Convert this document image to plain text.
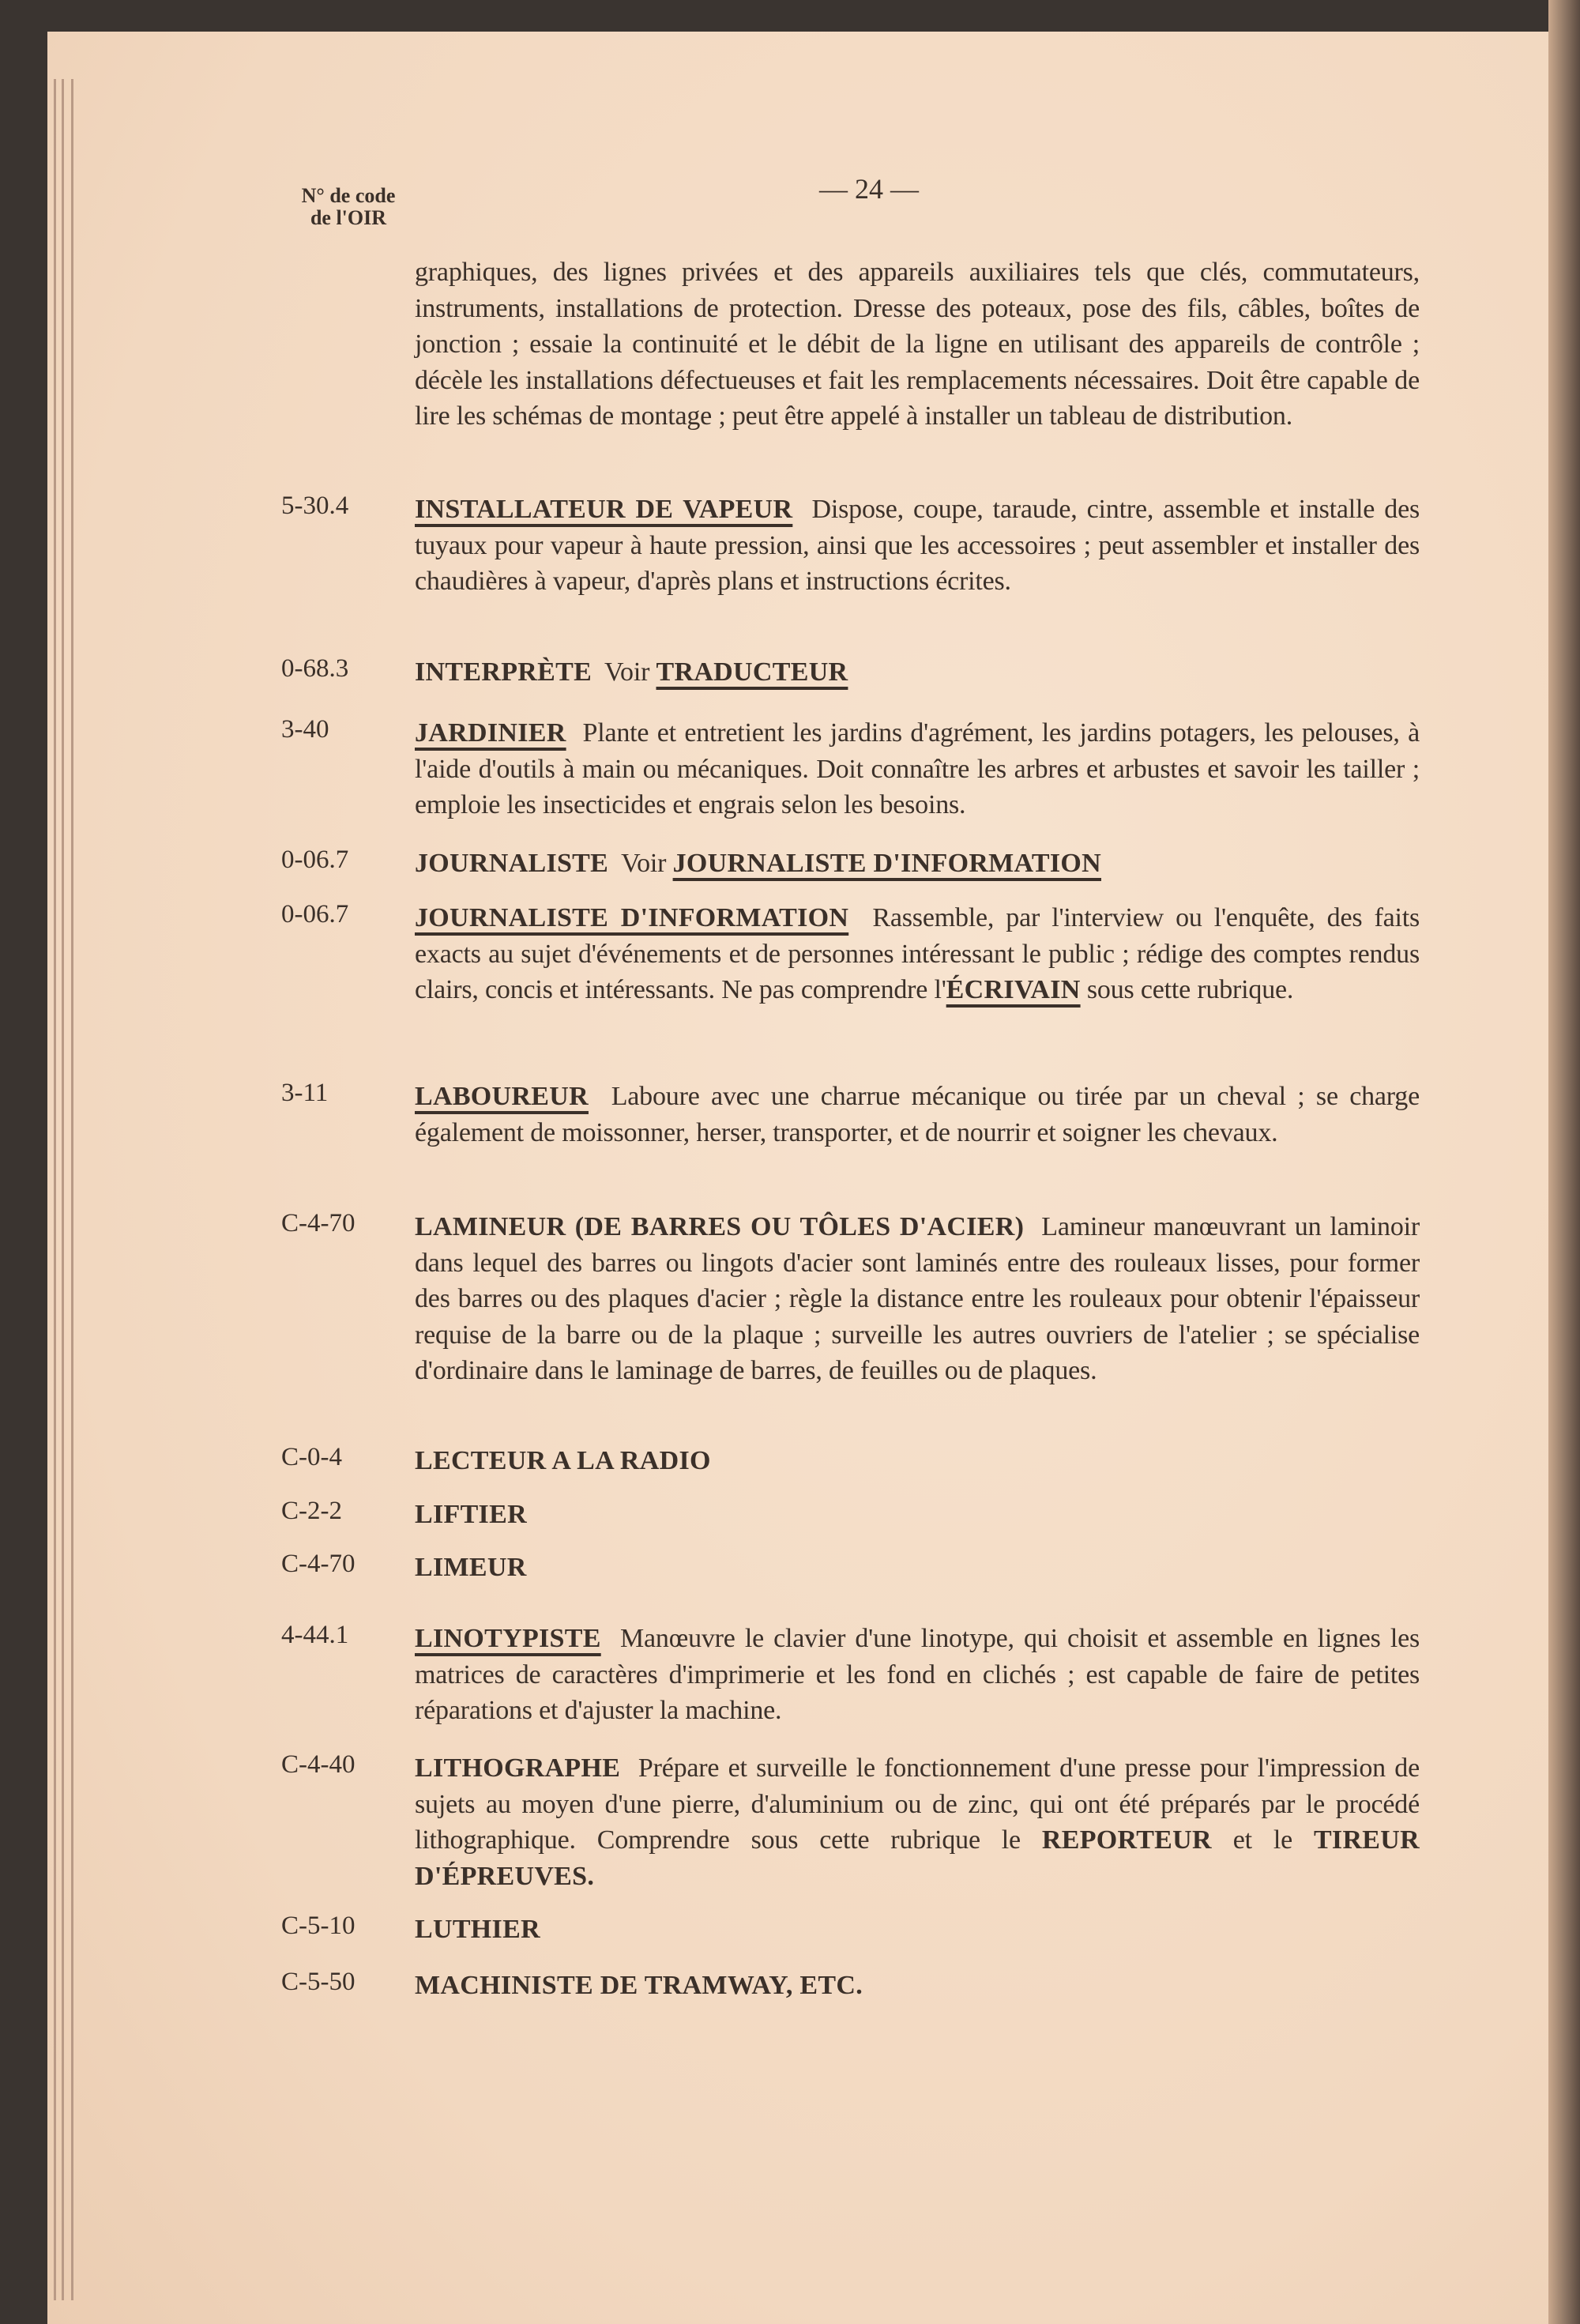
N° de code
de l'OIR
— 24 —
graphiques, des lignes privées et des appareils auxiliaires tels que clés, commutateurs, instruments, installations de protection. Dresse des poteaux, pose des fils, câbles, boîtes de jonction ; essaie la continuité et le débit de la ligne en utilisant des appareils de contrôle ; décèle les installations défectueuses et fait les remplacements nécessaires. Doit être capable de lire les schémas de montage ; peut être appelé à installer un tableau de distribution.
5-30.4 INSTALLATEUR DE VAPEUR  Dispose, coupe, taraude, cintre, assemble et installe des tuyaux pour vapeur à haute pression, ainsi que les accessoires ; peut assembler et installer des chaudières à vapeur, d'après plans et instructions écrites.
0-68.3 INTERPRÈTE  Voir TRADUCTEUR
3-40	JARDINIER  Plante et entretient les jardins d'agrément, les jardins potagers, les pelouses, à l'aide d'outils à main ou mécaniques. Doit connaître les arbres et arbustes et savoir les tailler ; emploie les insecticides et engrais selon les besoins.
0-06.7 JOURNALISTE  Voir JOURNALISTE D'INFORMATION
0-06.7 JOURNALISTE D'INFORMATION  Rassemble, par l'interview ou l'enquête, des faits exacts au sujet d'événements et de personnes intéressant le public ; rédige des comptes rendus clairs, concis et intéressants. Ne pas comprendre l'ÉCRIVAIN sous cette rubrique.
3-11	LABOUREUR  Laboure avec une charrue mécanique ou tirée par un cheval ; se charge également de moissonner, herser, transporter, et de nourrir et soigner les chevaux.
C-4-70 LAMINEUR (DE BARRES OU TÔLES D'ACIER)  Lamineur manœuvrant un laminoir dans lequel des barres ou lingots d'acier sont laminés entre des rouleaux lisses, pour former des barres ou des plaques d'acier ; règle la distance entre les rouleaux pour obtenir l'épaisseur requise de la barre ou de la plaque ; surveille les autres ouvriers de l'atelier ; se spécialise d'ordinaire dans le laminage de barres, de feuilles ou de plaques.
C-0-4	LECTEUR A LA RADIO
C-2-2	LIFTIER
C-4-70 LIMEUR
4-44.1 LINOTYPISTE  Manœuvre le clavier d'une linotype, qui choisit et assemble en lignes les matrices de caractères d'imprimerie et les fond en clichés ; est capable de faire de petites réparations et d'ajuster la machine.
C-4-40 LITHOGRAPHE  Prépare et surveille le fonctionnement d'une presse pour l'impression de sujets au moyen d'une pierre, d'aluminium ou de zinc, qui ont été préparés par le procédé lithographique. Comprendre sous cette rubrique le REPORTEUR et le TIREUR D'ÉPREUVES.
C-5-10 LUTHIER
C-5-50 MACHINISTE DE TRAMWAY, ETC.
